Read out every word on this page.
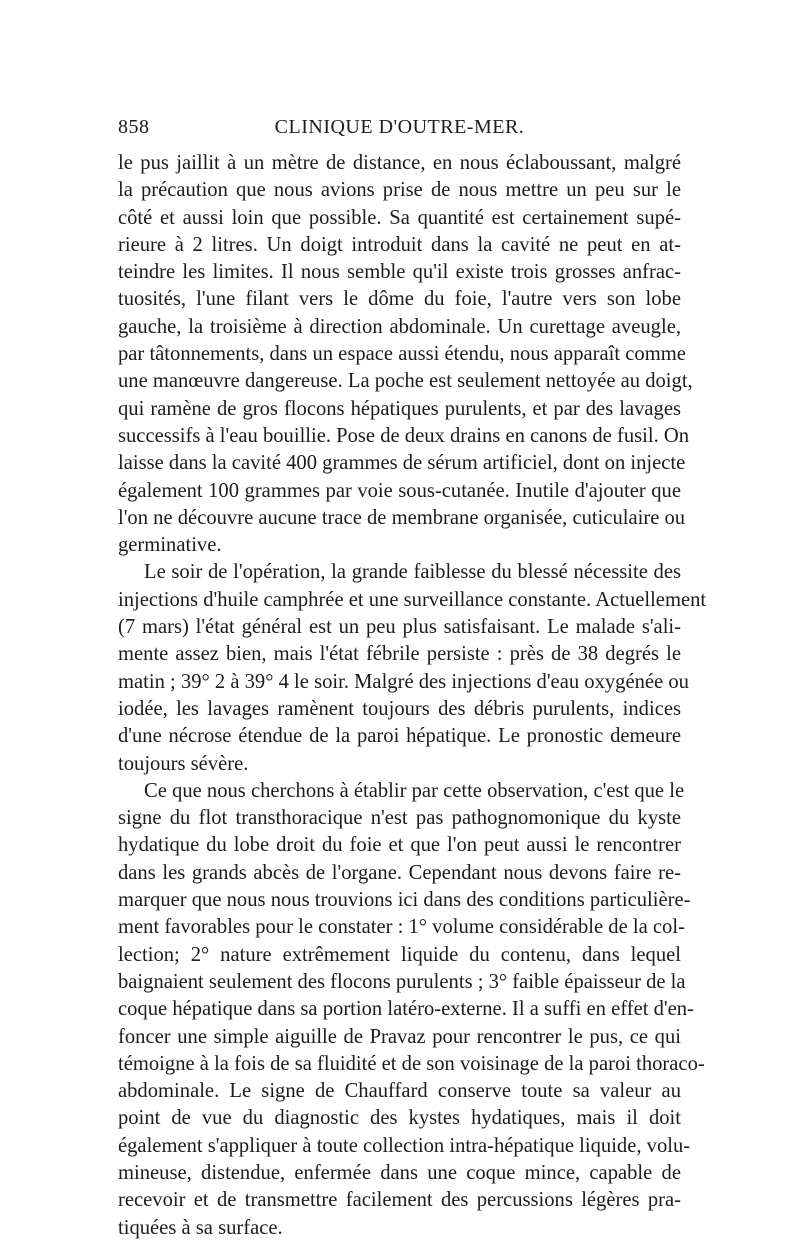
858	CLINIQUE D'OUTRE-MER.
le pus jaillit à un mètre de distance, en nous éclaboussant, malgré
la précaution que nous avions prise de nous mettre un peu sur le
côté et aussi loin que possible. Sa quantité est certainement supé-
rieure à 2 litres. Un doigt introduit dans la cavité ne peut en at-
teindre les limites. Il nous semble qu'il existe trois grosses anfrac-
tuosités, l'une filant vers le dôme du foie, l'autre vers son lobe
gauche, la troisième à direction abdominale. Un curettage aveugle,
par tâtonnements, dans un espace aussi étendu, nous apparaît comme
une manœuvre dangereuse. La poche est seulement nettoyée au doigt,
qui ramène de gros flocons hépatiques purulents, et par des lavages
successifs à l'eau bouillie. Pose de deux drains en canons de fusil. On
laisse dans la cavité 400 grammes de sérum artificiel, dont on injecte
également 100 grammes par voie sous-cutanée. Inutile d'ajouter que
l'on ne découvre aucune trace de membrane organisée, cuticulaire ou
germinative.
Le soir de l'opération, la grande faiblesse du blessé nécessite des
injections d'huile camphrée et une surveillance constante. Actuellement
(7 mars) l'état général est un peu plus satisfaisant. Le malade s'ali-
mente assez bien, mais l'état fébrile persiste : près de 38 degrés le
matin ; 39° 2 à 39° 4 le soir. Malgré des injections d'eau oxygénée ou
iodée, les lavages ramènent toujours des débris purulents, indices
d'une nécrose étendue de la paroi hépatique. Le pronostic demeure
toujours sévère.
Ce que nous cherchons à établir par cette observation, c'est que le
signe du flot transthoracique n'est pas pathognomonique du kyste
hydatique du lobe droit du foie et que l'on peut aussi le rencontrer
dans les grands abcès de l'organe. Cependant nous devons faire re-
marquer que nous nous trouvions ici dans des conditions particulière-
ment favorables pour le constater : 1° volume considérable de la col-
lection; 2° nature extrêmement liquide du contenu, dans lequel
baignaient seulement des flocons purulents ; 3° faible épaisseur de la
coque hépatique dans sa portion latéro-externe. Il a suffi en effet d'en-
foncer une simple aiguille de Pravaz pour rencontrer le pus, ce qui
témoigne à la fois de sa fluidité et de son voisinage de la paroi thoraco-
abdominale. Le signe de Chauffard conserve toute sa valeur au
point de vue du diagnostic des kystes hydatiques, mais il doit
également s'appliquer à toute collection intra-hépatique liquide, volu-
mineuse, distendue, enfermée dans une coque mince, capable de
recevoir et de transmettre facilement des percussions légères pra-
tiquées à sa surface.
